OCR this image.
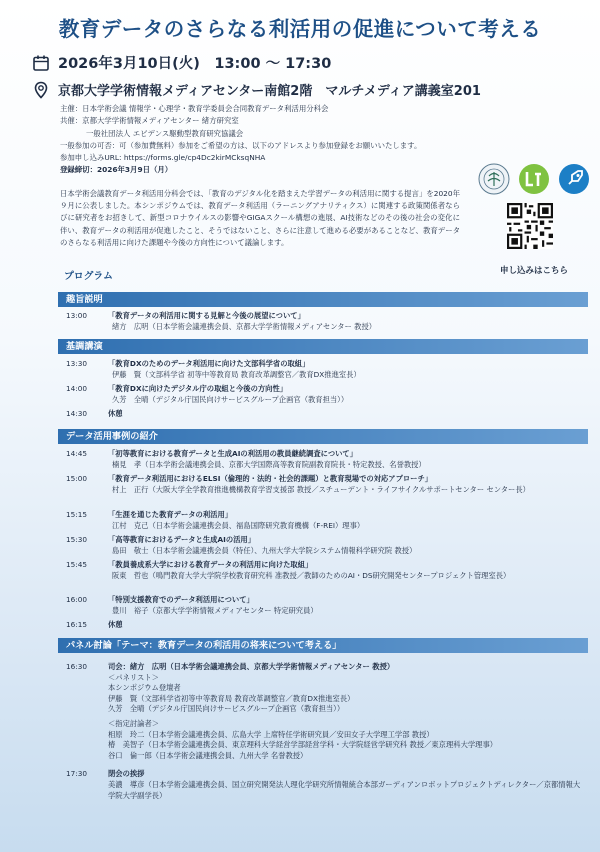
教育データのさらなる利活用の促進について考える
2026年3月10日(火)　13:00 ～ 17:30
京都大学学術情報メディアセンター南館2階　マルチメディア講義室201
主催：日本学術会議 情報学・心理学・教育学委員会合同教育データ利活用分科会
共催：京都大学学術情報メディアセンター 緒方研究室
一般社団法人 エビデンス駆動型教育研究協議会
一般参加の可否：可（参加費無料）参加をご希望の方は、以下のアドレスより参加登録をお願いいたします。
参加申し込みURL: https://forms.gle/cp4Dc2kirMCksqNHA
登録締切：2026年3月9日（月）
日本学術会議教育データ利活用分科会では、「教育のデジタル化を踏まえた学習データの利活用に関する提言」を2020年９月に公表しました。本シンポジウムでは、教育データ利活用（ラーニングアナリティクス）に関連する政策関係者ならびに研究者をお招きして、新型コロナウイルスの影響やGIGAスクール構想の進展、AI技術などのその後の社会の変化に伴い、教育データの利活用が促進したこと、そうではないこと、さらに注意して進める必要があることなど、教育データのさらなる利活用に向けた課題や今後の方向性について議論します。
申し込みはこちら
プログラム
趣旨説明
基調講演
データ活用事例の紹介
パネル討論「テーマ：教育データの利活用の将来について考える」
13:00	「教育データの利活用に関する見解と今後の展望について」
緒方　広明（日本学術会議連携会員、京都大学学術情報メディアセンター 教授）
13:30	「教育DXのためのデータ利活用に向けた文部科学省の取組」
伊藤　賢（文部科学省 初等中等教育局 教育改革調整官／教育DX推進室長）
14:00	「教育DXに向けたデジタル庁の取組と今後の方向性」
久芳　全晴（デジタル庁国民向けサービスグループ企画官（教育担当））
14:30	休憩
14:45	「初等教育における教育データと生成AIの利活用の教員継続調査について」
楠見　孝（日本学術会議連携会員、京都大学国際高等教育院副教育院長・特定教授、名誉教授）
15:00	「教育データ利活用におけるELSI（倫理的・法的・社会的課題）と教育現場での対応アプローチ」
村上　正行（大阪大学全学教育推進機構教育学習支援部 教授／スチューデント・ライフサイクルサポートセンター センター長）
15:15	「生涯を通じた教育データの利活用」
江村　克己（日本学術会議連携会員、福島国際研究教育機構（F-REI）理事）
15:30	「高等教育におけるデータと生成AIの活用」
島田　敬士（日本学術会議連携会員（特任）、九州大学大学院システム情報科学研究院 教授）
15:45	「教員養成系大学における教育データの利活用に向けた取組」
阪東　哲也（鳴門教育大学大学院学校教育研究科 准教授／教師のためのAI・DS研究開発センタープロジェクト管理室長）
16:00	「特別支援教育でのデータ利活用について」
豊川　裕子（京都大学学術情報メディアセンター 特定研究員）
16:15	休憩
16:30	司会：緒方　広明（日本学術会議連携会員、京都大学学術情報メディアセンター 教授）
＜パネリスト＞
本シンポジウム登壇者
伊藤　賢（文部科学省初等中等教育局 教育改革調整官／教育DX推進室長）
久芳　全晴（デジタル庁国民向けサービスグループ企画官（教育担当））
＜指定討論者＞
相原　玲二（日本学術会議連携会員、広島大学 上席特任学術研究員／安田女子大学理工学部 教授）
椿　美智子（日本学術会議連携会員、東京理科大学経営学部経営学科・大学院経営学研究科 教授／東京理科大学理事）
谷口　倫一郎（日本学術会議連携会員、九州大学 名誉教授）
17:30	閉会の挨拶
美濃　導彦（日本学術会議連携会員、国立研究開発法人理化学研究所情報統合本部ガーディアンロボットプロジェクトディレクター／京都情報大学院大学副学長）
